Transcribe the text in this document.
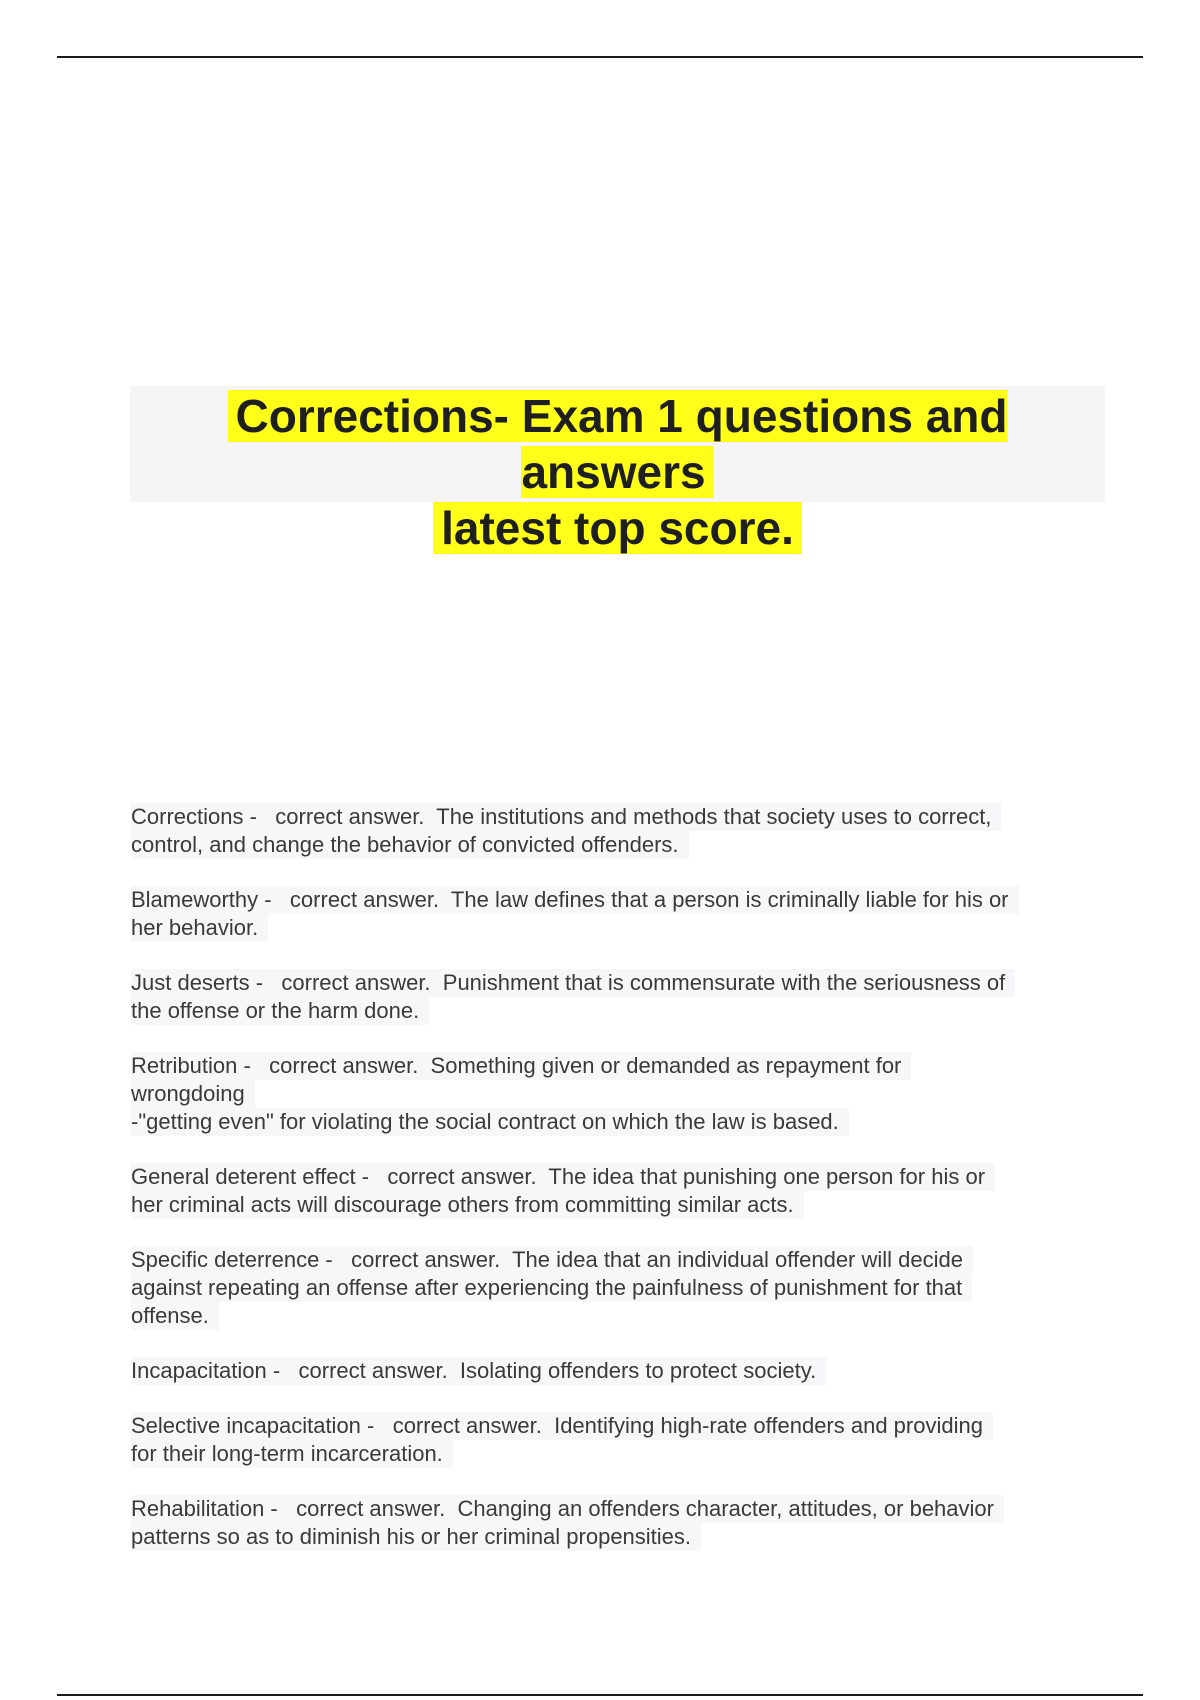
Corrections- Exam 1 questions and answers
latest top score.
Corrections -   correct answer.  The institutions and methods that society uses to correct,
control, and change the behavior of convicted offenders.
Blameworthy -   correct answer.  The law defines that a person is criminally liable for his or
her behavior.
Just deserts -   correct answer.  Punishment that is commensurate with the seriousness of
the offense or the harm done.
Retribution -   correct answer.  Something given or demanded as repayment for
wrongdoing
-"getting even" for violating the social contract on which the law is based.
General deterent effect -   correct answer.  The idea that punishing one person for his or
her criminal acts will discourage others from committing similar acts.
Specific deterrence -   correct answer.  The idea that an individual offender will decide
against repeating an offense after experiencing the painfulness of punishment for that
offense.
Incapacitation -   correct answer.  Isolating offenders to protect society.
Selective incapacitation -   correct answer.  Identifying high-rate offenders and providing
for their long-term incarceration.
Rehabilitation -   correct answer.  Changing an offenders character, attitudes, or behavior
patterns so as to diminish his or her criminal propensities.
